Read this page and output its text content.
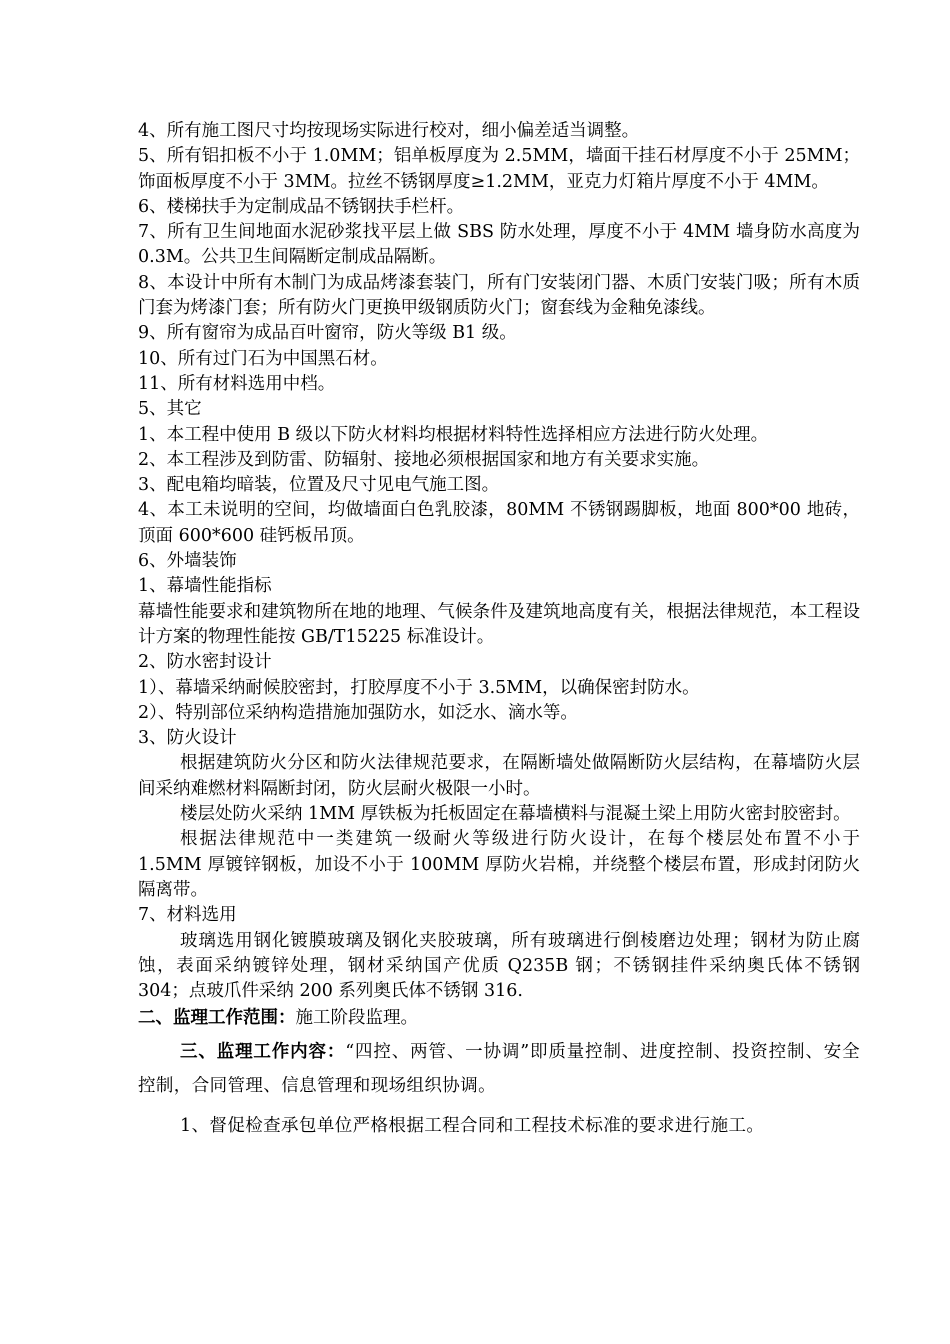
4、所有施工图尺寸均按现场实际进行校对，细小偏差适当调整。

5、所有铝扣板不小于 1.0MM；铝单板厚度为 2.5MM，墙面干挂石材厚度不小于 25MM；饰面板厚度不小于 3MM。拉丝不锈钢厚度≥1.2MM，亚克力灯箱片厚度不小于 4MM。

6、楼梯扶手为定制成品不锈钢扶手栏杆。

7、所有卫生间地面水泥砂浆找平层上做 SBS 防水处理，厚度不小于 4MM 墙身防水高度为 0.3M。公共卫生间隔断定制成品隔断。

8、本设计中所有木制门为成品烤漆套装门，所有门安装闭门器、木质门安装门吸；所有木质门套为烤漆门套；所有防火门更换甲级钢质防火门；窗套线为金釉免漆线。

9、所有窗帘为成品百叶窗帘，防火等级 B1 级。

10、所有过门石为中国黑石材。

11、所有材料选用中档。

5、其它

1、本工程中使用 B 级以下防火材料均根据材料特性选择相应方法进行防火处理。

2、本工程涉及到防雷、防辐射、接地必须根据国家和地方有关要求实施。

3、配电箱均暗装，位置及尺寸见电气施工图。

4、本工未说明的空间，均做墙面白色乳胶漆，80MM 不锈钢踢脚板，地面 800*00 地砖，顶面 600*600 硅钙板吊顶。

6、外墙装饰

1、幕墙性能指标

幕墙性能要求和建筑物所在地的地理、气候条件及建筑地高度有关，根据法律规范，本工程设计方案的物理性能按 GB/T15225 标准设计。

2、防水密封设计

1）、幕墙采纳耐候胶密封，打胶厚度不小于 3.5MM，以确保密封防水。

2）、特别部位采纳构造措施加强防水，如泛水、滴水等。

3、防火设计

根据建筑防火分区和防火法律规范要求，在隔断墙处做隔断防火层结构，在幕墙防火层间采纳难燃材料隔断封闭，防火层耐火极限一小时。

楼层处防火采纳 1MM 厚铁板为托板固定在幕墙横料与混凝土梁上用防火密封胶密封。

根据法律规范中一类建筑一级耐火等级进行防火设计，在每个楼层处布置不小于 1.5MM 厚镀锌钢板，加设不小于 100MM 厚防火岩棉，并绕整个楼层布置，形成封闭防火隔离带。

7、材料选用

玻璃选用钢化镀膜玻璃及钢化夹胶玻璃，所有玻璃进行倒棱磨边处理；钢材为防止腐蚀，表面采纳镀锌处理，钢材采纳国产优质 Q235B 钢；不锈钢挂件采纳奥氏体不锈钢 304；点玻爪件采纳 200 系列奥氏体不锈钢 316.

二、监理工作范围：施工阶段监理。

三、监理工作内容：“四控、两管、一协调”即质量控制、进度控制、投资控制、安全控制，合同管理、信息管理和现场组织协调。

1、督促检查承包单位严格根据工程合同和工程技术标准的要求进行施工。
